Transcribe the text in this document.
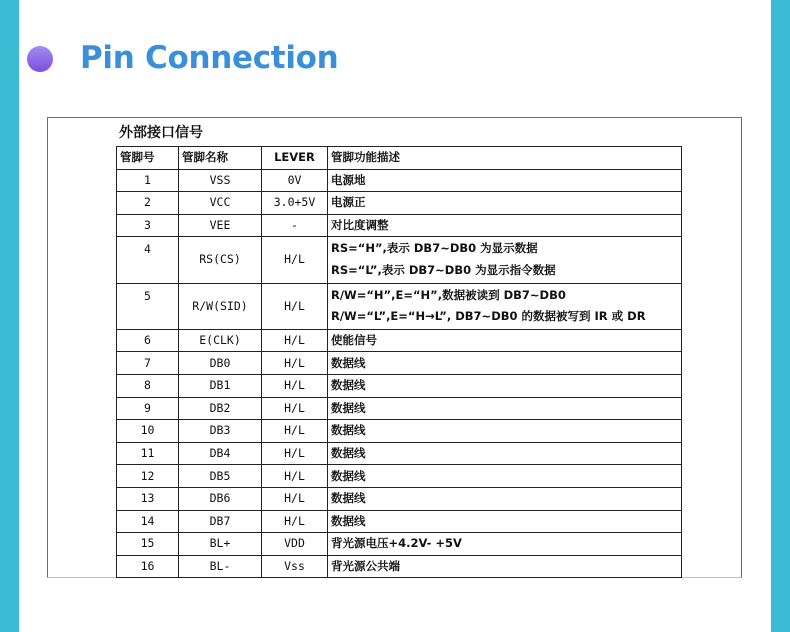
Pin Connection
外部接口信号
管脚号	管脚名称	LEVER	管脚功能描述
1	VSS	0V	电源地
2	VCC	3.0+5V	电源正
3	VEE	-	对比度调整
4	RS(CS)	H/L	RS=“H”,表示 DB7~DB0 为显示数据
RS=“L”,表示 DB7~DB0 为显示指令数据

5	R/W(SID)	H/L	R/W=“H”,E=“H”,数据被读到 DB7~DB0
R/W=“L”,E=“H→L”, DB7~DB0 的数据被写到 IR 或 DR

6	E(CLK)	H/L	使能信号
7	DB0	H/L	数据线
8	DB1	H/L	数据线
9	DB2	H/L	数据线
10	DB3	H/L	数据线
11	DB4	H/L	数据线
12	DB5	H/L	数据线
13	DB6	H/L	数据线
14	DB7	H/L	数据线
15	BL+	VDD	背光源电压+4.2V- +5V
16	BL-	Vss	背光源公共端
